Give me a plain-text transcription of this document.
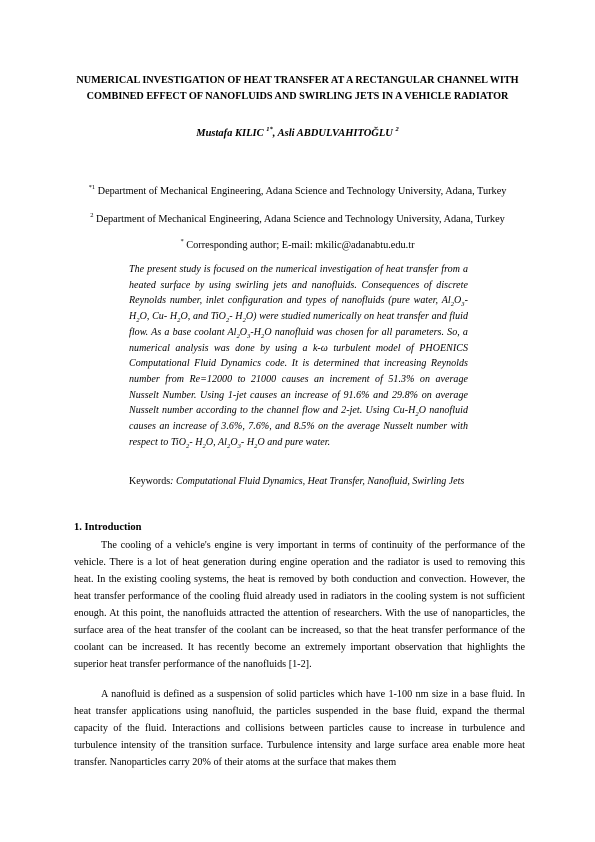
NUMERICAL INVESTIGATION OF HEAT TRANSFER AT A RECTANGULAR CHANNEL WITH COMBINED EFFECT OF NANOFLUIDS AND SWIRLING JETS IN A VEHICLE RADIATOR
Mustafa KILIC $^{1*}$, Asli ABDULVAHITOĞLU $^2$
$^{*1}$ Department of Mechanical Engineering, Adana Science and Technology University, Adana, Turkey
$^2$ Department of Mechanical Engineering, Adana Science and Technology University, Adana, Turkey
* Corresponding author; E-mail: mkilic@adanabtu.edu.tr
The present study is focused on the numerical investigation of heat transfer from a heated surface by using swirling jets and nanofluids. Consequences of discrete Reynolds number, inlet configuration and types of nanofluids (pure water, $Al_2O_3-H_2O$, Cu- $H_2O$, and TiO$_2$- $H_2O$) were studied numerically on heat transfer and fluid flow. As a base coolant $Al_2O_3-H_2O$ nanofluid was chosen for all parameters. So, a numerical analysis was done by using a k-ω turbulent model of PHOENICS Computational Fluid Dynamics code. It is determined that increasing Reynolds number from Re=12000 to 21000 causes an increment of 51.3% on average Nusselt Number. Using 1-jet causes an increase of 91.6% and 29.8% on average Nusselt number according to the channel flow and 2-jet. Using $Cu-H_2O$ nanofluid causes an increase of 3.6%, 7.6%, and 8.5% on the average Nusselt number with respect to TiO$_2$- $H_2O$, $Al_2O_3-$ $H_2O$ and pure water.
Keywords: Computational Fluid Dynamics, Heat Transfer, Nanofluid, Swirling Jets
1. Introduction
The cooling of a vehicle's engine is very important in terms of continuity of the performance of the vehicle. There is a lot of heat generation during engine operation and the radiator is used to removing this heat. In the existing cooling systems, the heat is removed by both conduction and convection. However, the heat transfer performance of the cooling fluid already used in radiators in the cooling system is not sufficient enough. At this point, the nanofluids attracted the attention of researchers. With the use of nanoparticles, the surface area of the heat transfer of the coolant can be increased, so that the heat transfer performance of the coolant can be increased. It has recently become an extremely important observation that highlights the superior heat transfer performance of the nanofluids [1-2].
A nanofluid is defined as a suspension of solid particles which have 1-100 nm size in a base fluid. In heat transfer applications using nanofluid, the particles suspended in the base fluid, expand the thermal capacity of the fluid. Interactions and collisions between particles cause to increase in turbulence and turbulence intensity of the transition surface. Turbulence intensity and large surface area enable more heat transfer. Nanoparticles carry 20% of their atoms at the surface that makes them
